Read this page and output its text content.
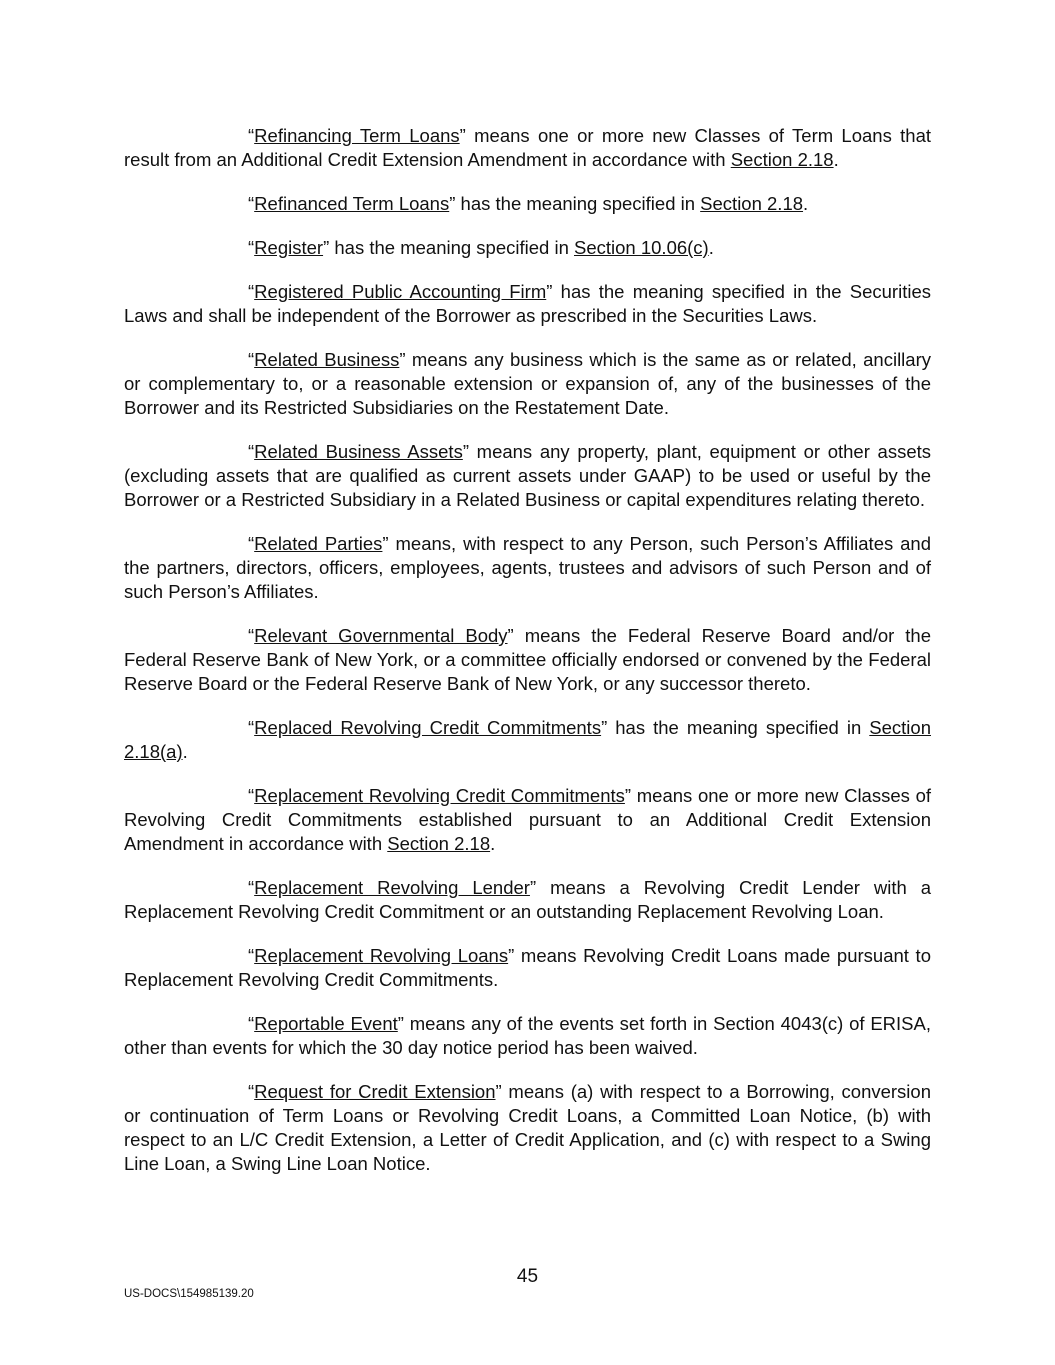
“Refinancing Term Loans” means one or more new Classes of Term Loans that result from an Additional Credit Extension Amendment in accordance with Section 2.18.

“Refinanced Term Loans” has the meaning specified in Section 2.18.

“Register” has the meaning specified in Section 10.06(c).

“Registered Public Accounting Firm” has the meaning specified in the Securities Laws and shall be independent of the Borrower as prescribed in the Securities Laws.

“Related Business” means any business which is the same as or related, ancillary or complementary to, or a reasonable extension or expansion of, any of the businesses of the Borrower and its Restricted Subsidiaries on the Restatement Date.

“Related Business Assets” means any property, plant, equipment or other assets (excluding assets that are qualified as current assets under GAAP) to be used or useful by the Borrower or a Restricted Subsidiary in a Related Business or capital expenditures relating thereto.

“Related Parties” means, with respect to any Person, such Person’s Affiliates and the partners, directors, officers, employees, agents, trustees and advisors of such Person and of such Person’s Affiliates.

“Relevant Governmental Body” means the Federal Reserve Board and/or the Federal Reserve Bank of New York, or a committee officially endorsed or convened by the Federal Reserve Board or the Federal Reserve Bank of New York, or any successor thereto.

“Replaced Revolving Credit Commitments” has the meaning specified in Section 2.18(a).

“Replacement Revolving Credit Commitments” means one or more new Classes of Revolving Credit Commitments established pursuant to an Additional Credit Extension Amendment in accordance with Section 2.18.

“Replacement Revolving Lender” means a Revolving Credit Lender with a Replacement Revolving Credit Commitment or an outstanding Replacement Revolving Loan.

“Replacement Revolving Loans” means Revolving Credit Loans made pursuant to Replacement Revolving Credit Commitments.

“Reportable Event” means any of the events set forth in Section 4043(c) of ERISA, other than events for which the 30 day notice period has been waived.

“Request for Credit Extension” means (a) with respect to a Borrowing, conversion or continuation of Term Loans or Revolving Credit Loans, a Committed Loan Notice, (b) with respect to an L/C Credit Extension, a Letter of Credit Application, and (c) with respect to a Swing Line Loan, a Swing Line Loan Notice.

45
US-DOCS\154985139.20
